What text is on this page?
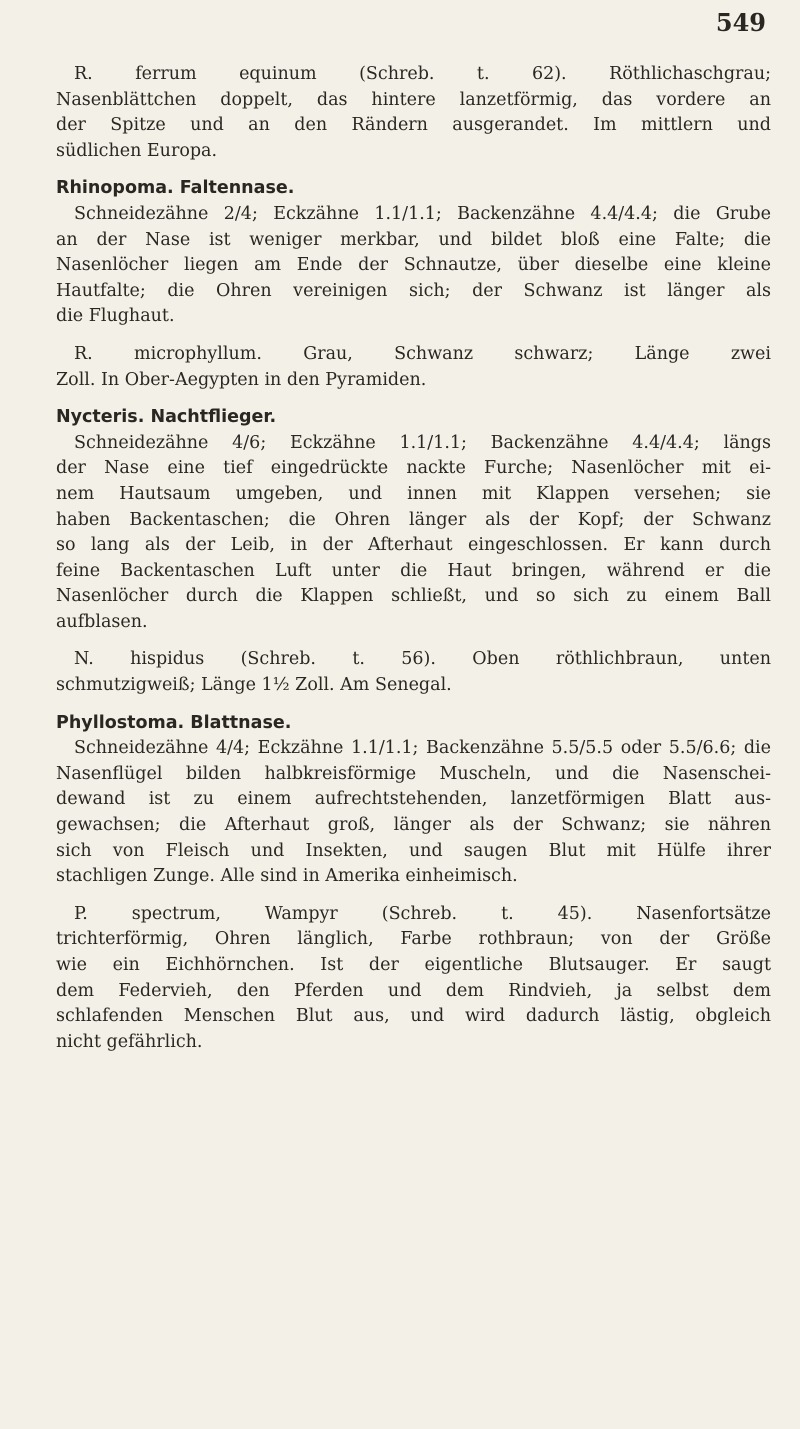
549
R. ferrum equinum (Schreb. t. 62). Röthlichaschgrau;
Nasenblättchen doppelt, das hintere lanzetförmig, das vordere an
der Spitze und an den Rändern ausgerandet. Im mittlern und
südlichen Europa.
Rhinopoma. Faltennase.
Schneidezähne 2/4; Eckzähne 1.1/1.1; Backenzähne 4.4/4.4; die Grube
an der Nase ist weniger merkbar, und bildet bloß eine Falte; die
Nasenlöcher liegen am Ende der Schnautze, über dieselbe eine kleine
Hautfalte; die Ohren vereinigen sich; der Schwanz ist länger als
die Flughaut.
R. microphyllum. Grau, Schwanz schwarz; Länge zwei
Zoll. In Ober-Aegypten in den Pyramiden.
Nycteris. Nachtflieger.
Schneidezähne 4/6; Eckzähne 1.1/1.1; Backenzähne 4.4/4.4; längs
der Nase eine tief eingedrückte nackte Furche; Nasenlöcher mit ei-
nem Hautsaum umgeben, und innen mit Klappen versehen; sie
haben Backentaschen; die Ohren länger als der Kopf; der Schwanz
so lang als der Leib, in der Afterhaut eingeschlossen. Er kann durch
feine Backentaschen Luft unter die Haut bringen, während er die
Nasenlöcher durch die Klappen schließt, und so sich zu einem Ball
aufblasen.
N. hispidus (Schreb. t. 56). Oben röthlichbraun, unten
schmutzigweiß; Länge 1½ Zoll. Am Senegal.
Phyllostoma. Blattnase.
Schneidezähne 4/4; Eckzähne 1.1/1.1; Backenzähne 5.5/5.5 oder 5.5/6.6; die
Nasenflügel bilden halbkreisförmige Muscheln, und die Nasenschei-
dewand ist zu einem aufrechtstehenden, lanzetförmigen Blatt aus-
gewachsen; die Afterhaut groß, länger als der Schwanz; sie nähren
sich von Fleisch und Insekten, und saugen Blut mit Hülfe ihrer
stachligen Zunge. Alle sind in Amerika einheimisch.
P. spectrum, Wampyr (Schreb. t. 45). Nasenfortsätze
trichterförmig, Ohren länglich, Farbe rothbraun; von der Größe
wie ein Eichhörnchen. Ist der eigentliche Blutsauger. Er saugt
dem Federvieh, den Pferden und dem Rindvieh, ja selbst dem
schlafenden Menschen Blut aus, und wird dadurch lästig, obgleich
nicht gefährlich.
